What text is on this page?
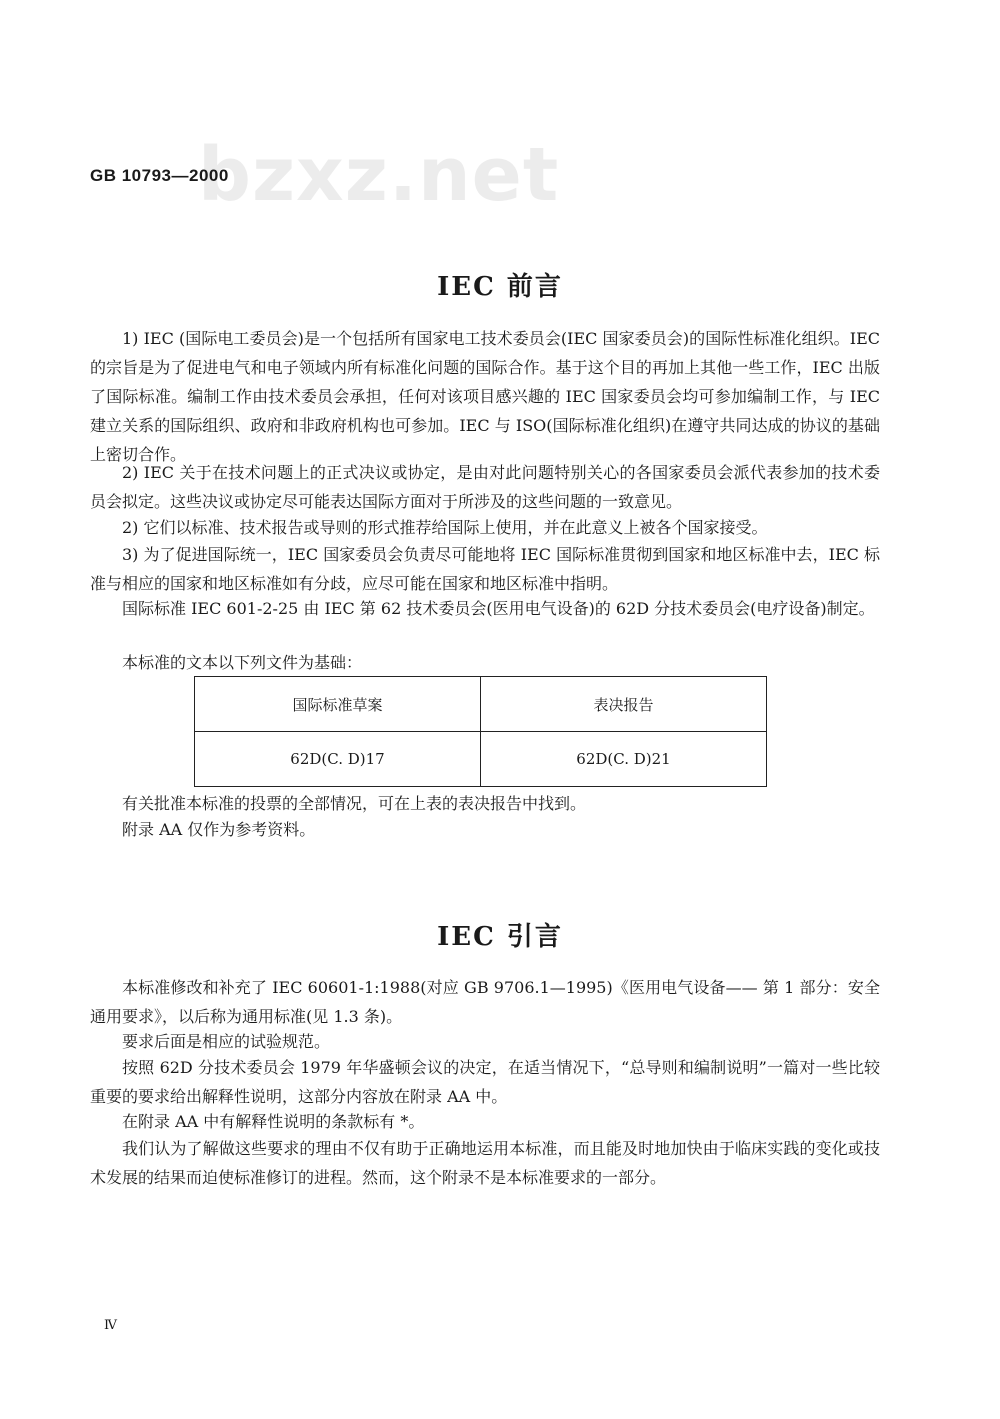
bzxz.net
GB 10793—2000
IEC 前言

1) IEC (国际电工委员会)是一个包括所有国家电工技术委员会(IEC 国家委员会)的国际性标准化组织。IEC 的宗旨是为了促进电气和电子领域内所有标准化问题的国际合作。基于这个目的再加上其他一些工作，IEC 出版了国际标准。编制工作由技术委员会承担，任何对该项目感兴趣的 IEC 国家委员会均可参加编制工作，与 IEC 建立关系的国际组织、政府和非政府机构也可参加。IEC 与 ISO(国际标准化组织)在遵守共同达成的协议的基础上密切合作。

2) IEC 关于在技术问题上的正式决议或协定，是由对此问题特别关心的各国家委员会派代表参加的技术委员会拟定。这些决议或协定尽可能表达国际方面对于所涉及的这些问题的一致意见。

2) 它们以标准、技术报告或导则的形式推荐给国际上使用，并在此意义上被各个国家接受。

3) 为了促进国际统一，IEC 国家委员会负责尽可能地将 IEC 国际标准贯彻到国家和地区标准中去，IEC 标准与相应的国家和地区标准如有分歧，应尽可能在国家和地区标准中指明。

国际标准 IEC 601-2-25 由 IEC 第 62 技术委员会(医用电气设备)的 62D 分技术委员会(电疗设备)制定。

本标准的文本以下列文件为基础：

国际标准草案	表决报告
62D(C. D)17	62D(C. D)21

有关批准本标准的投票的全部情况，可在上表的表决报告中找到。

附录 AA 仅作为参考资料。

IEC 引言

本标准修改和补充了 IEC 60601-1:1988(对应 GB 9706.1—1995)《医用电气设备—— 第 1 部分：安全通用要求》，以后称为通用标准(见 1.3 条)。

要求后面是相应的试验规范。

按照 62D 分技术委员会 1979 年华盛顿会议的决定，在适当情况下，“总导则和编制说明”一篇对一些比较重要的要求给出解释性说明，这部分内容放在附录 AA 中。

在附录 AA 中有解释性说明的条款标有 *。

我们认为了解做这些要求的理由不仅有助于正确地运用本标准，而且能及时地加快由于临床实践的变化或技术发展的结果而迫使标准修订的进程。然而，这个附录不是本标准要求的一部分。

Ⅳ
